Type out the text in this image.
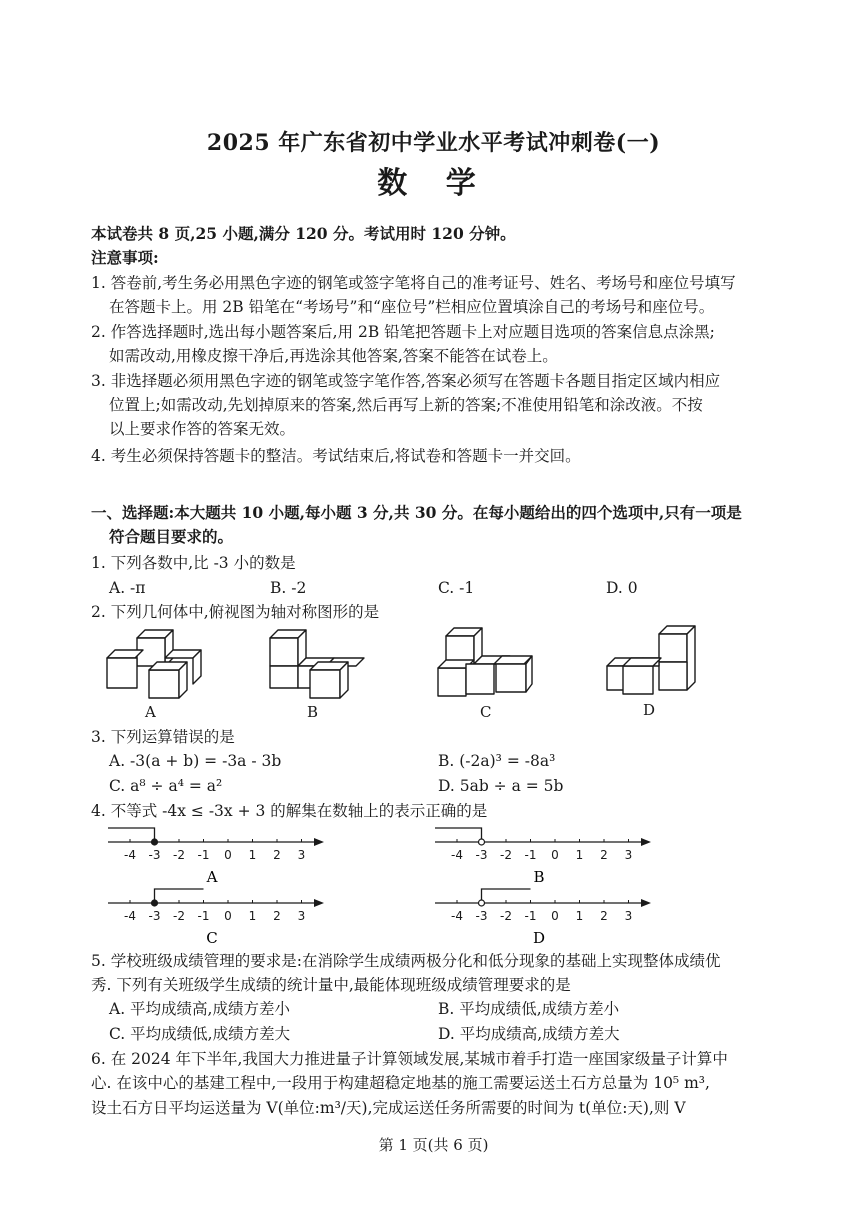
2025 年广东省初中学业水平考试冲刺卷(一)
数 学
本试卷共 8 页,25 小题,满分 120 分。考试用时 120 分钟。
注意事项:
1. 答卷前,考生务必用黑色字迹的钢笔或签字笔将自己的准考证号、姓名、考场号和座位号填写
在答题卡上。用 2B 铅笔在“考场号”和“座位号”栏相应位置填涂自己的考场号和座位号。
2. 作答选择题时,选出每小题答案后,用 2B 铅笔把答题卡上对应题目选项的答案信息点涂黑;
如需改动,用橡皮擦干净后,再选涂其他答案,答案不能答在试卷上。
3. 非选择题必须用黑色字迹的钢笔或签字笔作答,答案必须写在答题卡各题目指定区域内相应
位置上;如需改动,先划掉原来的答案,然后再写上新的答案;不准使用铅笔和涂改液。不按
以上要求作答的答案无效。
4. 考生必须保持答题卡的整洁。考试结束后,将试卷和答题卡一并交回。
一、选择题:本大题共 10 小题,每小题 3 分,共 30 分。在每小题给出的四个选项中,只有一项是
符合题目要求的。
1. 下列各数中,比 -3 小的数是
A. -π	B. -2	C. -1	D. 0
2. 下列几何体中,俯视图为轴对称图形的是
A	B	C	D
3. 下列运算错误的是
A. -3(a + b) = -3a - 3b	B. (-2a)³ = -8a³
C. a⁸ ÷ a⁴ = a²	D. 5ab ÷ a = 5b
4. 不等式 -4x ≤ -3x + 3 的解集在数轴上的表示正确的是
-4 -3 -2 -1 0 1 2 3
A
-4 -3 -2 -1 0 1 2 3
B
-4 -3 -2 -1 0 1 2 3
C
-4 -3 -2 -1 0 1 2 3
D
5. 学校班级成绩管理的要求是:在消除学生成绩两极分化和低分现象的基础上实现整体成绩优
秀. 下列有关班级学生成绩的统计量中,最能体现班级成绩管理要求的是
A. 平均成绩高,成绩方差小	B. 平均成绩低,成绩方差小
C. 平均成绩低,成绩方差大	D. 平均成绩高,成绩方差大
6. 在 2024 年下半年,我国大力推进量子计算领域发展,某城市着手打造一座国家级量子计算中
心. 在该中心的基建工程中,一段用于构建超稳定地基的施工需要运送土石方总量为 10⁵ m³,
设土石方日平均运送量为 V(单位:m³/天),完成运送任务所需要的时间为 t(单位:天),则 V
第 1 页(共 6 页)
